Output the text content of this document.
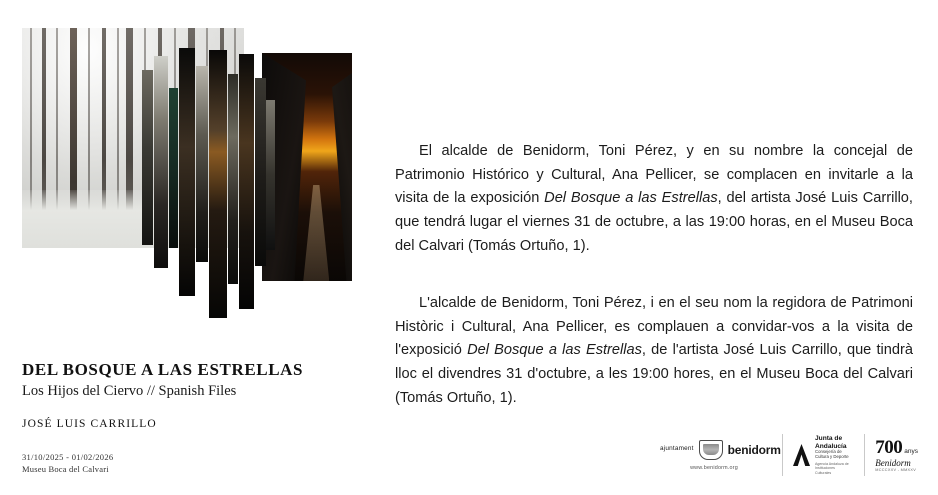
DEL BOSQUE A LAS ESTRELLAS
Los Hijos del Ciervo // Spanish Files
JOSÉ LUIS CARRILLO
31/10/2025 - 01/02/2026
Museu Boca del Calvari

El alcalde de Benidorm, Toni Pérez, y en su nombre la concejal de Patrimonio Histórico y Cultural, Ana Pellicer, se complacen en invitarle a la visita de la exposición Del Bosque a las Estrellas, del artista José Luis Carrillo, que tendrá lugar el viernes 31 de octubre, a las 19:00 horas, en el Museu Boca del Calvari (Tomás Ortuño, 1).

L'alcalde de Benidorm, Toni Pérez, i en el seu nom la regidora de Patrimoni Històric i Cultural, Ana Pellicer, es complauen a convidar-vos a la visita de l'exposició Del Bosque a las Estrellas, de l'artista José Luis Carrillo, que tindrà lloc el divendres 31 d'octubre, a les 19:00 hores, en el Museu Boca del Calvari (Tomás Ortuño, 1).

ajuntament	benidorm
www.benidorm.org
Junta de Andalucía
Consejería de Cultura y Deporte
Agencia Andaluza de Instituciones Culturales
700 anys
Benidorm
MCCCXXV - MMXXV
